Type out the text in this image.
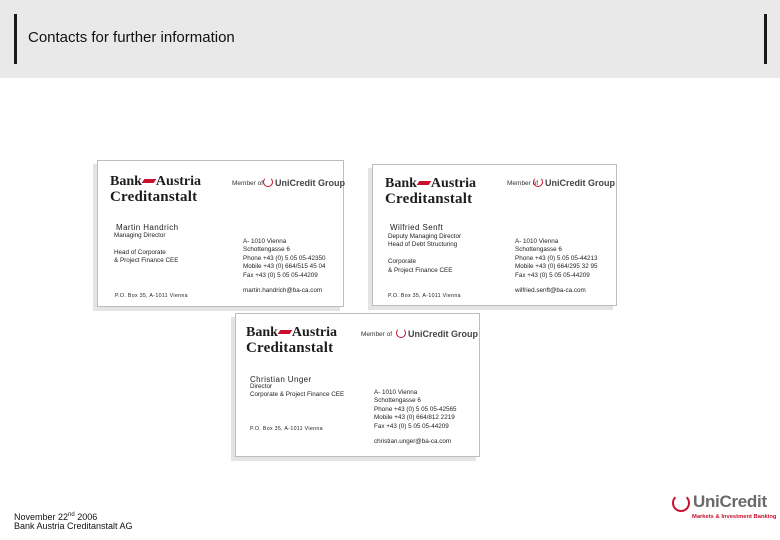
Contacts for further information
Bank Austria
Creditanstalt
Member of	UniCredit Group
Martin Handrich
Managing Director

Head of Corporate
& Project Finance CEE
A- 1010 Vienna
Schottengasse 6
Phone +43 (0) 5 05 05-42350
Mobile +43 (0) 664/515 45 04
Fax +43 (0) 5 05 05-44209
martin.handrich@ba-ca.com
P.O. Box 35, A-1011 Vienna
Bank Austria
Creditanstalt
Member of UniCredit Group
Wilfried Senft
Deputy Managing Director
Head of Debt Structuring

Corporate
& Project Finance CEE
A- 1010 Vienna
Schottengasse 6
Phone +43 (0) 5 05 05-44213
Mobile +43 (0) 664/295 32 95
Fax +43 (0) 5 05 05-44209
wilfried.senft@ba-ca.com
P.O. Box 35, A-1011 Vienna
Bank Austria
Creditanstalt
Member of	UniCredit Group
Christian Unger
Director
Corporate & Project Finance CEE	A- 1010 Vienna
Schottengasse 6
Phone +43 (0) 5 05 05-42565
Mobile +43 (0) 664/812 2219
Fax +43 (0) 5 05 05-44209
christian.unger@ba-ca.com
P.O. Box 35, A-1011 Vienna
November 22nd 2006
Bank Austria Creditanstalt AG
UniCredit
Markets & Investment Banking
